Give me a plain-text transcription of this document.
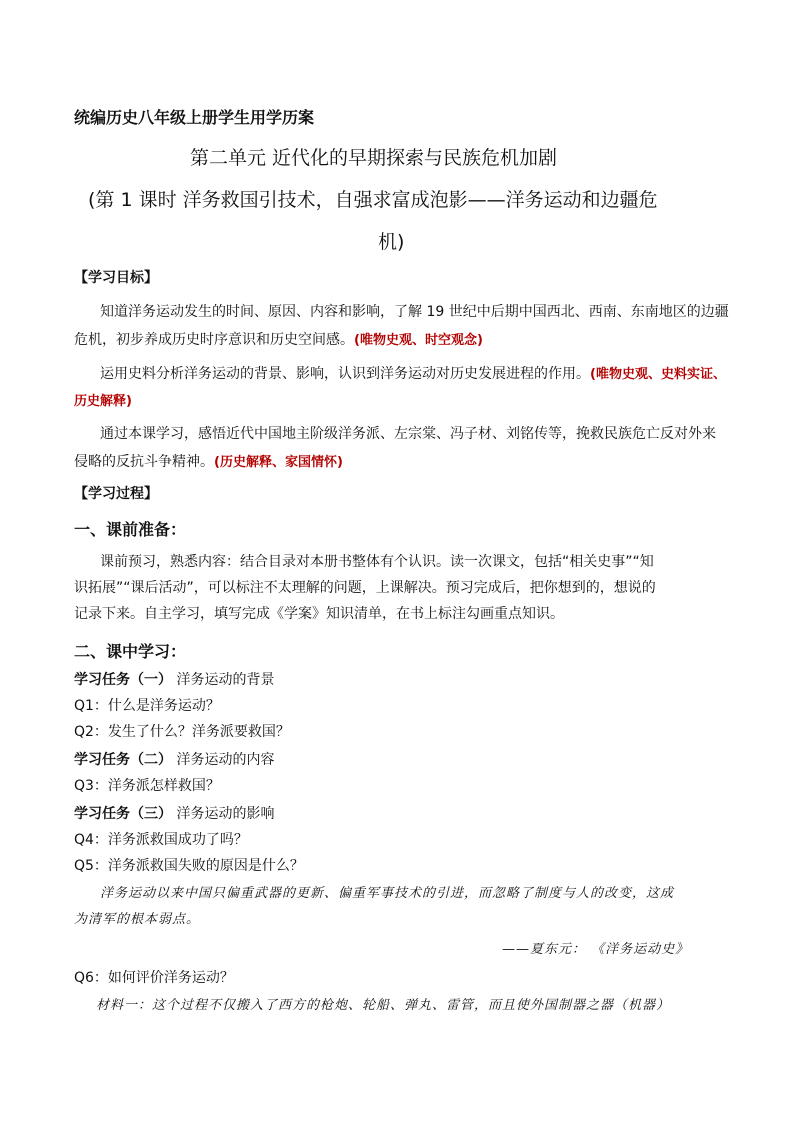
统编历史八年级上册学生用学历案
第二单元 近代化的早期探索与民族危机加剧
(第 1 课时 洋务救国引技术，自强求富成泡影——洋务运动和边疆危
机)
【学习目标】
知道洋务运动发生的时间、原因、内容和影响，了解 19 世纪中后期中国西北、西南、东南地区的边疆
危机，初步养成历史时序意识和历史空间感。(唯物史观、时空观念)
运用史料分析洋务运动的背景、影响，认识到洋务运动对历史发展进程的作用。(唯物史观、史料实证、
历史解释)
通过本课学习，感悟近代中国地主阶级洋务派、左宗棠、冯子材、刘铭传等，挽救民族危亡反对外来
侵略的反抗斗争精神。(历史解释、家国情怀)
【学习过程】
一、课前准备：
课前预习，熟悉内容：结合目录对本册书整体有个认识。读一次课文，包括“相关史事”“知
识拓展”“课后活动”，可以标注不太理解的问题，上课解决。预习完成后，把你想到的，想说的
记录下来。自主学习，填写完成《学案》知识清单，在书上标注勾画重点知识。
二、课中学习：
学习任务（一） 洋务运动的背景
Q1：什么是洋务运动？
Q2：发生了什么？洋务派要救国？
学习任务（二） 洋务运动的内容
Q3：洋务派怎样救国？
学习任务（三） 洋务运动的影响
Q4：洋务派救国成功了吗？
Q5：洋务派救国失败的原因是什么？
洋务运动以来中国只偏重武器的更新、偏重军事技术的引进，而忽略了制度与人的改变，这成
为清军的根本弱点。
——夏东元： 《洋务运动史》
Q6：如何评价洋务运动？
材料一：这个过程不仅搬入了西方的枪炮、轮船、弹丸、雷管，而且使外国制器之器（机器）
